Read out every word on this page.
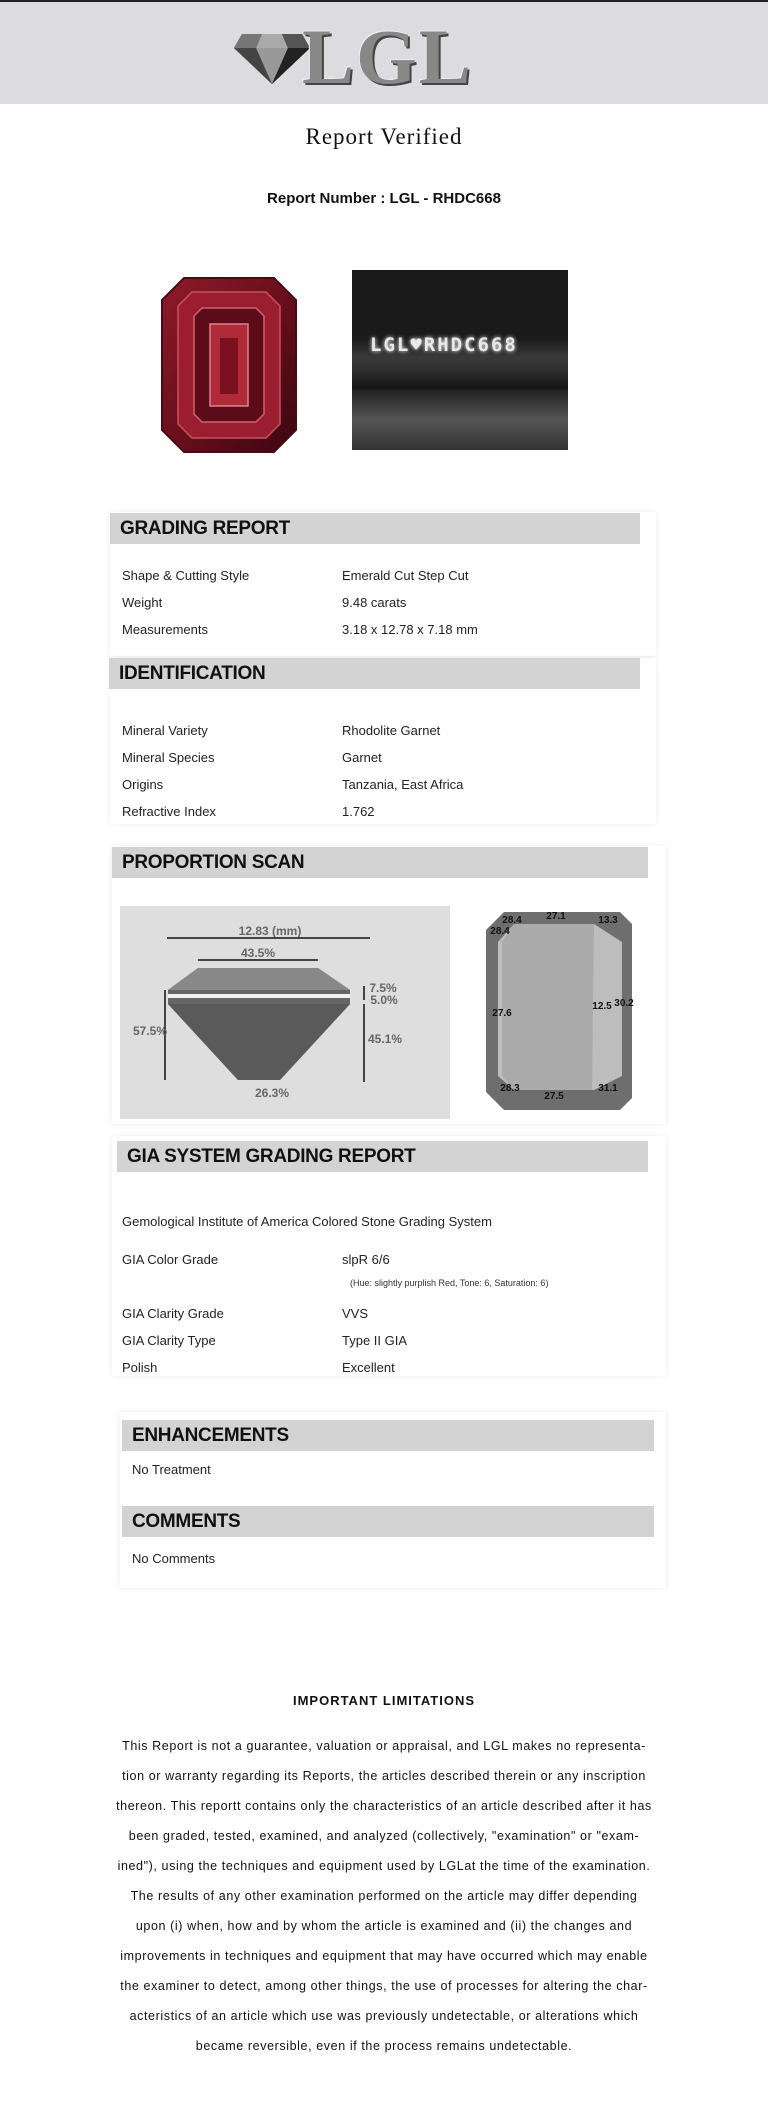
LGL
Report Verified
Report Number : LGL - RHDC668
LGL♥RHDC668
GRADING REPORT
Shape & Cutting Style	Emerald Cut Step Cut
Weight	9.48 carats
Measurements	3.18 x 12.78 x 7.18 mm
IDENTIFICATION
Mineral Variety	Rhodolite Garnet
Mineral Species	Garnet
Origins	Tanzania, East Africa
Refractive Index	1.762
PROPORTION SCAN
12.83 (mm)
43.5%
57.5%
7.5%
5.0%
45.1%
26.3%
28.4 27.1	13.3
28.4
27.6
12.5 30.2
28.3
27.5
31.1
GIA SYSTEM GRADING REPORT
Gemological Institute of America Colored Stone Grading System
GIA Color Grade	slpR 6/6
(Hue: slightly purplish Red, Tone: 6, Saturation: 6)
GIA Clarity Grade	VVS
GIA Clarity Type	Type II GIA
Polish	Excellent
ENHANCEMENTS
No Treatment
COMMENTS
No Comments
IMPORTANT LIMITATIONS
This Report is not a guarantee, valuation or appraisal, and LGL makes no representa-
tion or warranty regarding its Reports, the articles described therein or any inscription
thereon. This reportt contains only the characteristics of an article described after it has
been graded, tested, examined, and analyzed (collectively, "examination" or "exam-
ined"), using the techniques and equipment used by LGLat the time of the examination.
The results of any other examination performed on the article may differ depending
upon (i) when, how and by whom the article is examined and (ii) the changes and
improvements in techniques and equipment that may have occurred which may enable
the examiner to detect, among other things, the use of processes for altering the char-
acteristics of an article which use was previously undetectable, or alterations which
became reversible, even if the process remains undetectable.
